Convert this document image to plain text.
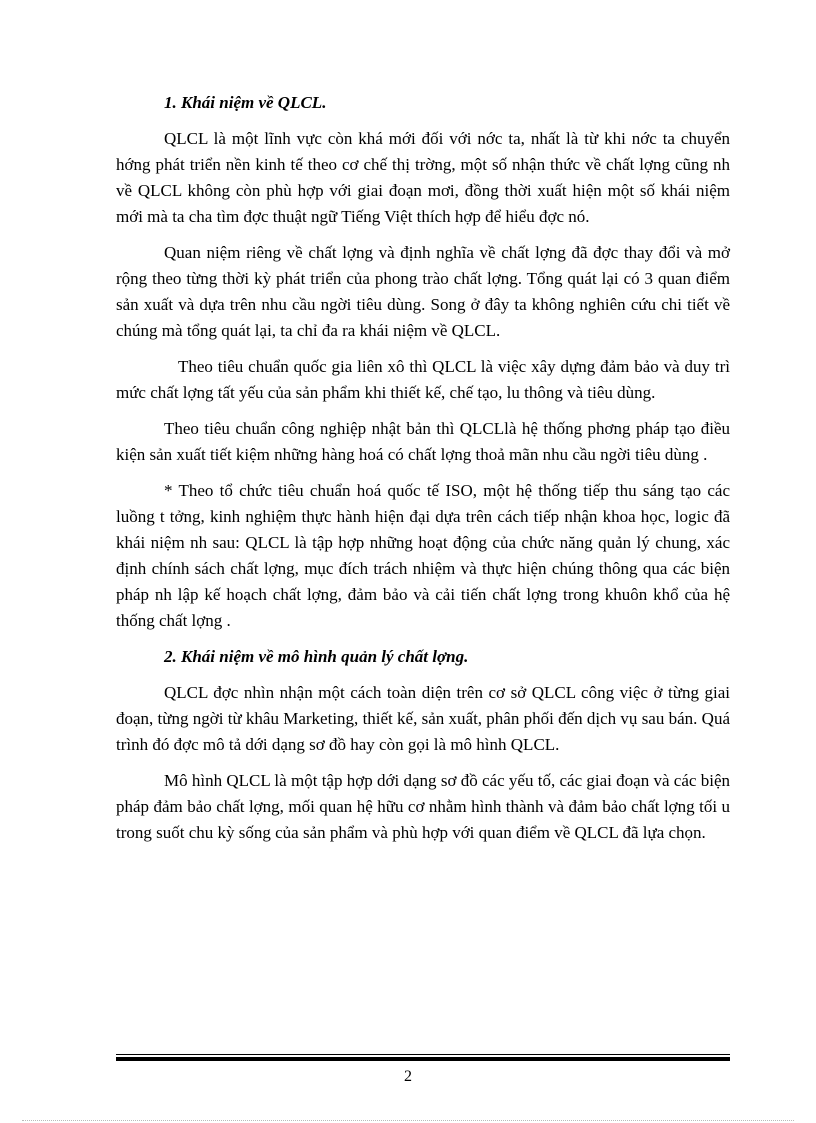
1. Khái niệm về QLCL.

QLCL là một lĩnh vực còn khá mới đối với nớc ta, nhất là từ khi nớc ta chuyển hớng phát triển nền kinh tế theo cơ chế thị trờng, một số nhận thức về chất lợng cũng nh về QLCL không còn phù hợp với giai đoạn mơi, đồng thời xuất hiện một số khái niệm mới mà ta cha tìm đợc thuật ngữ Tiếng Việt thích hợp để hiểu đợc nó.

Quan niệm riêng về chất lợng và định nghĩa về chất lợng đã đợc thay đổi và mở rộng theo từng thời kỳ phát triển của phong trào chất lợng. Tổng quát lại có 3 quan điểm sản xuất và dựa trên nhu cầu ngời tiêu dùng. Song ở đây ta không nghiên cứu chi tiết về chúng mà tổng quát lại, ta chỉ đa ra khái niệm về QLCL.

Theo tiêu chuẩn quốc gia liên xô thì QLCL là việc xây dựng đảm bảo và duy trì mức chất lợng tất yếu của sản phẩm khi thiết kế, chế tạo, lu thông và tiêu dùng.

Theo tiêu chuẩn công nghiệp nhật bản thì QLCLlà hệ thống phơng pháp tạo điều kiện sản xuất tiết kiệm những hàng hoá có chất lợng thoả mãn nhu cầu ngời tiêu dùng .

* Theo tổ chức tiêu chuẩn hoá quốc tế ISO, một hệ thống tiếp thu sáng tạo các luồng t tởng, kinh nghiệm thực hành hiện đại dựa trên cách tiếp nhận khoa học, logic đã khái niệm nh sau: QLCL là tập hợp những hoạt động của chức năng quản lý chung, xác định chính sách chất lợng, mục đích trách nhiệm và thực hiện chúng thông qua các biện pháp nh lập kế hoạch chất lợng, đảm bảo và cải tiến chất lợng trong khuôn khổ của hệ thống chất lợng .

2. Khái niệm về mô hình quản lý chất lợng.

QLCL đợc nhìn nhận một cách toàn diện trên cơ sở QLCL công việc ở từng giai đoạn, từng ngời từ khâu Marketing, thiết kế, sản xuất, phân phối đến dịch vụ sau bán. Quá trình đó đợc mô tả dới dạng sơ đồ hay còn gọi là mô hình QLCL.

Mô hình QLCL là một tập hợp dới dạng sơ đồ các yếu tố, các giai đoạn và các biện pháp đảm bảo chất lợng, mối quan hệ hữu cơ nhằm hình thành và đảm bảo chất lợng tối u trong suốt chu kỳ sống của sản phẩm và phù hợp với quan điểm về QLCL đã lựa chọn.

2
